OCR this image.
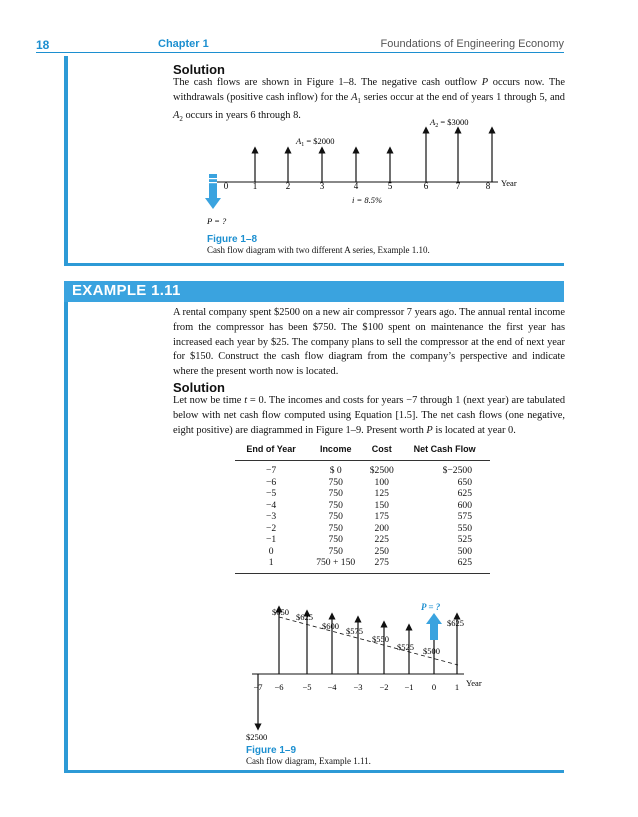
18	Chapter 1	Foundations of Engineering Economy
Solution
The cash flows are shown in Figure 1–8. The negative cash outflow P occurs now. The withdrawals (positive cash inflow) for the $A_1$ series occur at the end of years 1 through 5, and $A_2$ occurs in years 6 through 8.
0	1	2	3	4	5	6	7	8 Year
$A_1$ = $2000
$A_2$ = $3000
i = 8.5%
P = ?
Figure 1–8
Cash flow diagram with two different A series, Example 1.10.
EXAMPLE 1.11
A rental company spent $2500 on a new air compressor 7 years ago. The annual rental income from the compressor has been $750. The $100 spent on maintenance the first year has increased each year by $25. The company plans to sell the compressor at the end of next year for $150. Construct the cash flow diagram from the company’s perspective and indicate where the present worth now is located.
Solution
Let now be time t = 0. The incomes and costs for years −7 through 1 (next year) are tabulated below with net cash flow computed using Equation [1.5]. The net cash flows (one negative, eight positive) are diagrammed in Figure 1–9. Present worth P is located at year 0.
End of Year	Income	Cost	Net Cash Flow
−7	$ 0	$2500	$−2500
−6	750	100	650
−5	750	125	625
−4	750	150	600
−3	750	175	575
−2	750	200	550
−1	750	225	525
0	750	250	500
1	750 + 150	275	625
P = ?
−7 −6 −5 −4 −3 −2 −1 0 1 Year
$2500
$650 $625
$600 $575
$550
$525 $500
$625
Figure 1–9
Cash flow diagram, Example 1.11.
